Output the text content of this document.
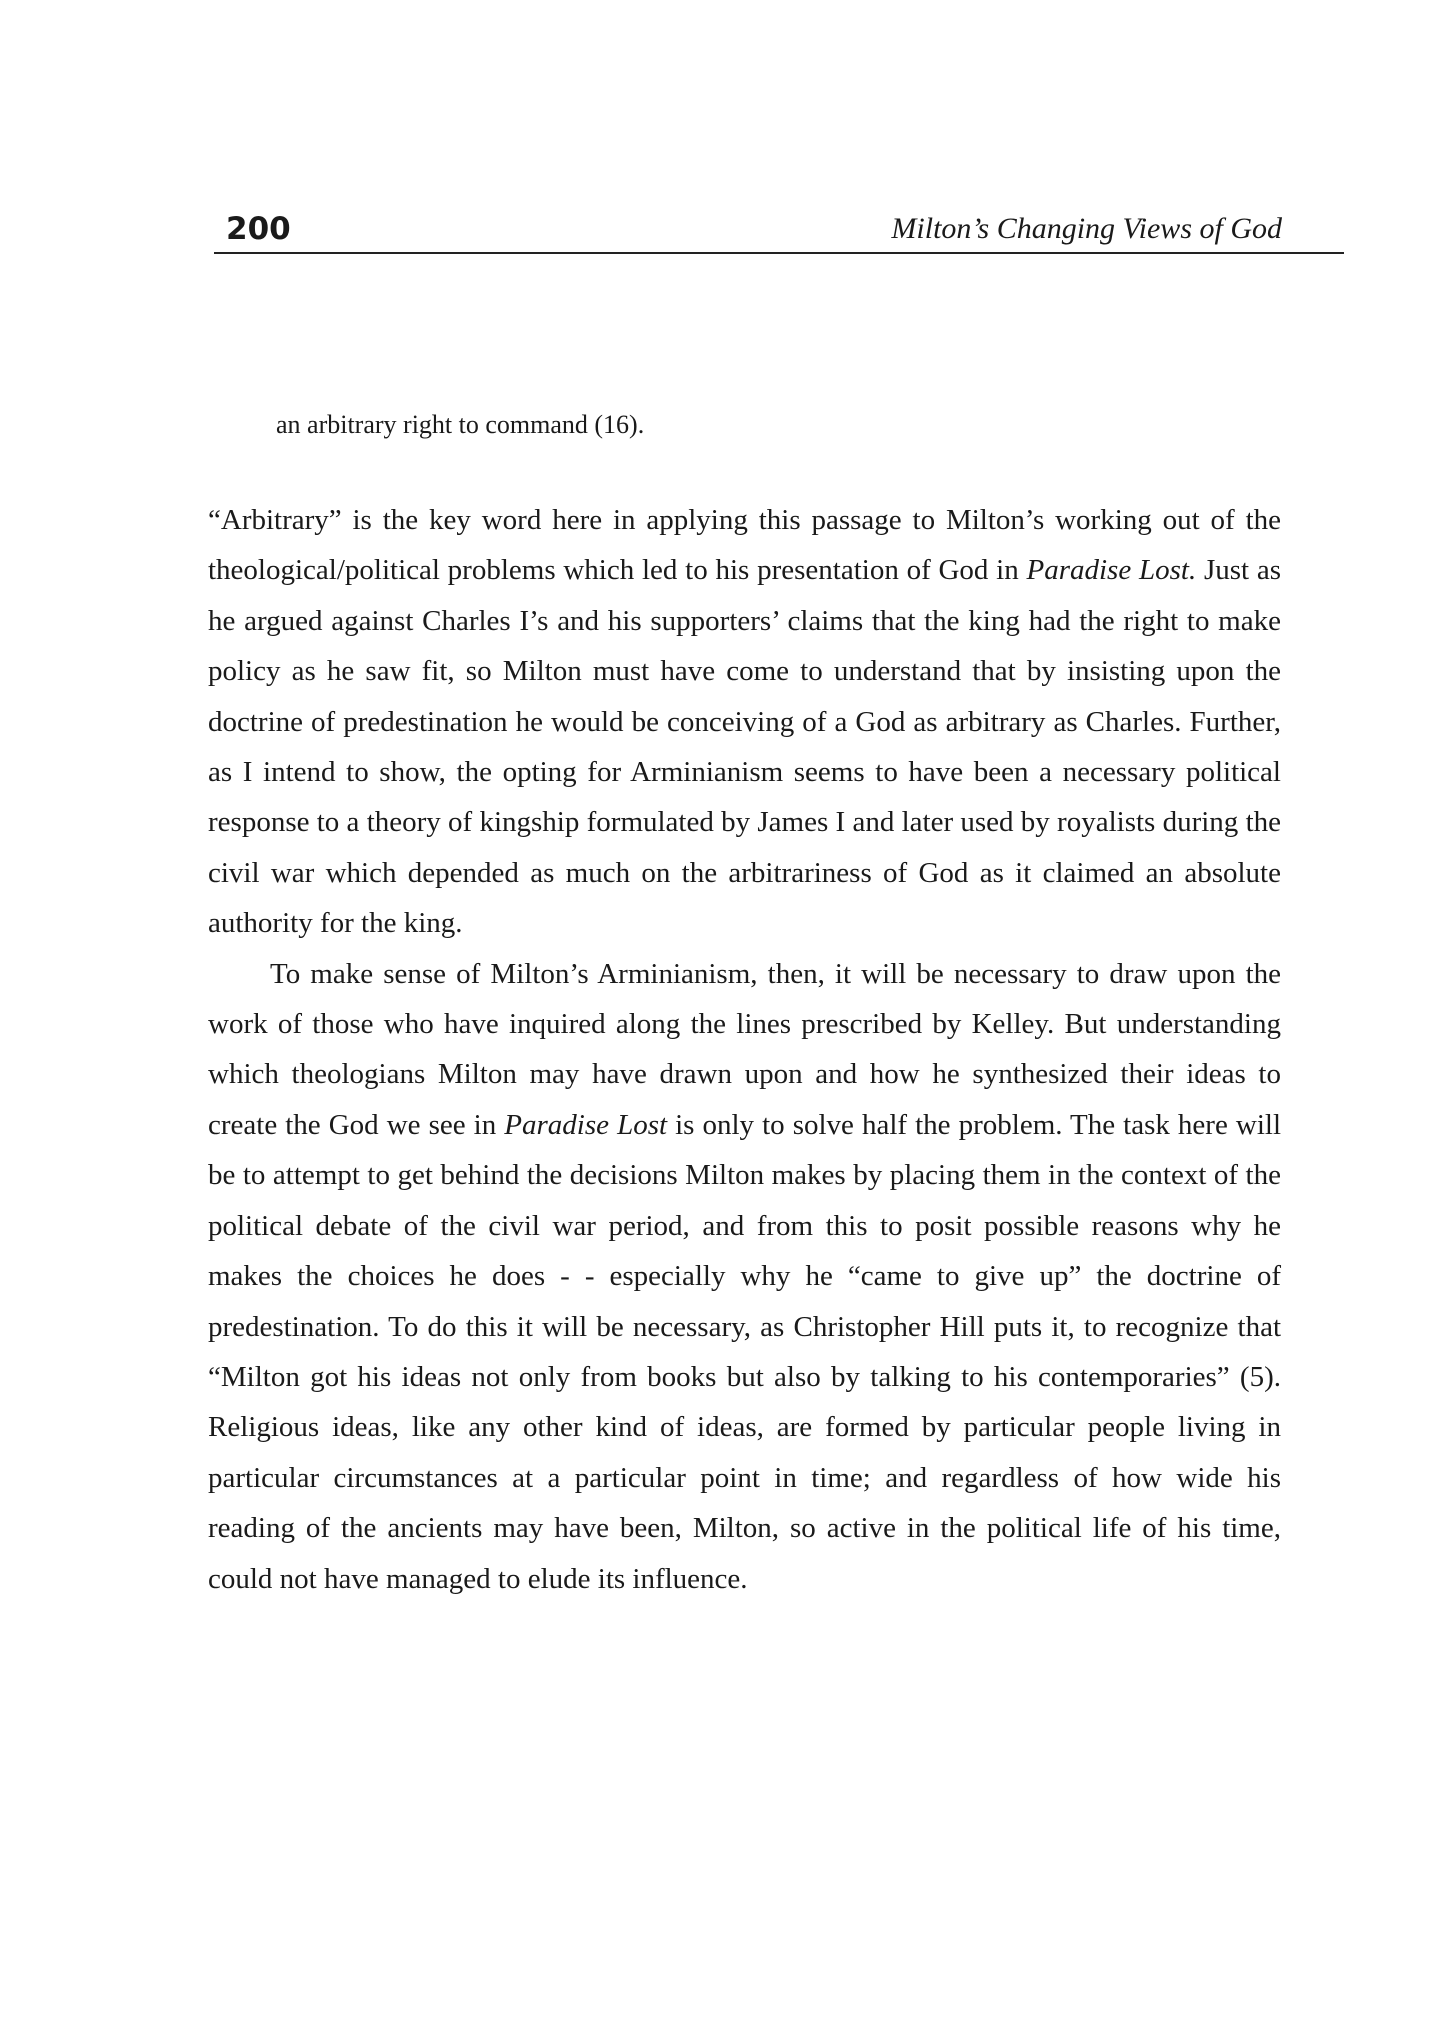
200	Milton’s Changing Views of God
an arbitrary right to command (16).

“Arbitrary” is the key word here in applying this passage to Milton’s working out of the theological/political problems which led to his presentation of God in Paradise Lost. Just as he argued against Charles I’s and his supporters’ claims that the king had the right to make policy as he saw fit, so Milton must have come to understand that by insisting upon the doctrine of predestination he would be conceiving of a God as arbitrary as Charles. Further, as I intend to show, the opting for Arminianism seems to have been a necessary political response to a theory of kingship formulated by James I and later used by royalists during the civil war which depended as much on the arbitrariness of God as it claimed an absolute authority for the king.

To make sense of Milton’s Arminianism, then, it will be necessary to draw upon the work of those who have inquired along the lines prescribed by Kelley. But understanding which theologians Milton may have drawn upon and how he synthesized their ideas to create the God we see in Paradise Lost is only to solve half the problem. The task here will be to attempt to get behind the decisions Milton makes by placing them in the context of the political debate of the civil war period, and from this to posit possible reasons why he makes the choices he does - - especially why he “came to give up” the doctrine of predestination. To do this it will be necessary, as Christopher Hill puts it, to recognize that “Milton got his ideas not only from books but also by talking to his contemporaries” (5). Religious ideas, like any other kind of ideas, are formed by particular people living in particular circumstances at a particular point in time; and regardless of how wide his reading of the ancients may have been, Milton, so active in the political life of his time, could not have managed to elude its influence.
